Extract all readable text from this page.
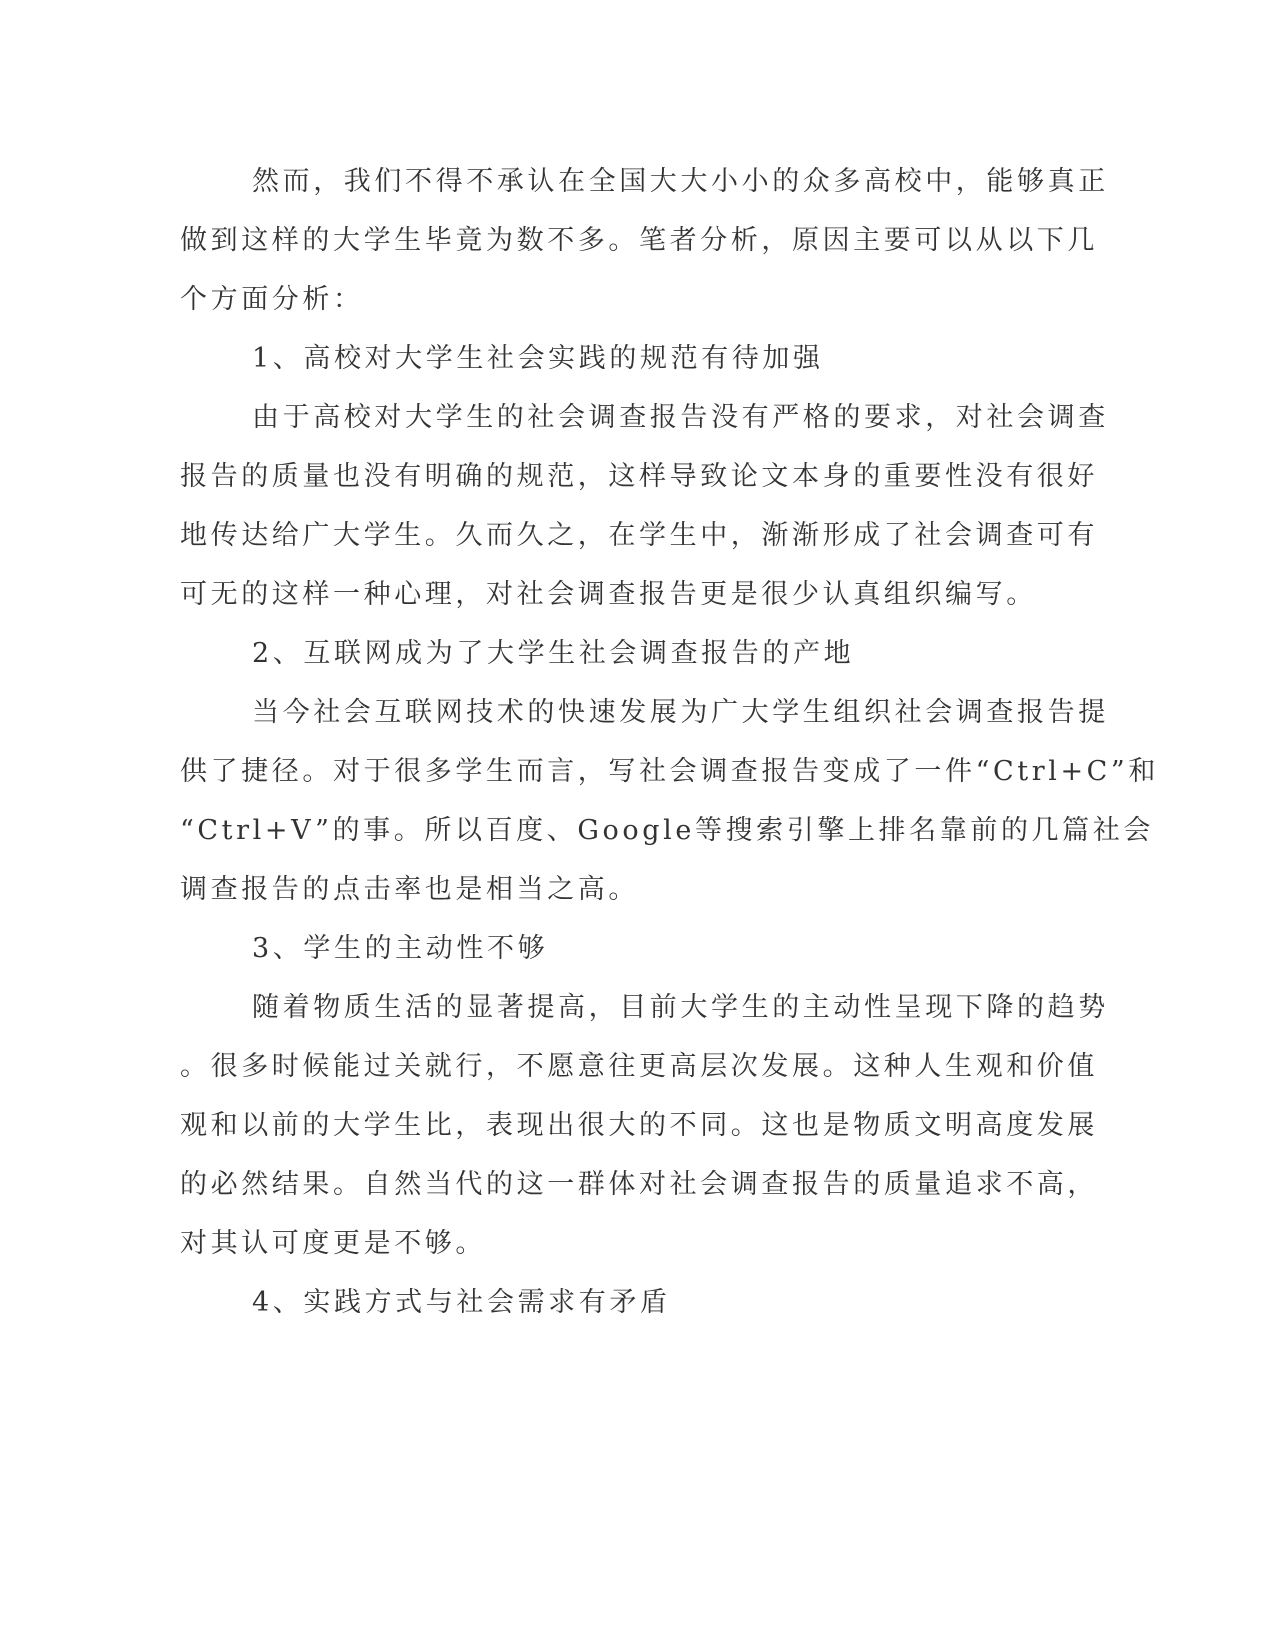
然而，我们不得不承认在全国大大小小的众多高校中，能够真正
做到这样的大学生毕竟为数不多。笔者分析，原因主要可以从以下几
个方面分析：
1、高校对大学生社会实践的规范有待加强
由于高校对大学生的社会调查报告没有严格的要求，对社会调查
报告的质量也没有明确的规范，这样导致论文本身的重要性没有很好
地传达给广大学生。久而久之，在学生中，渐渐形成了社会调查可有
可无的这样一种心理，对社会调查报告更是很少认真组织编写。
2、互联网成为了大学生社会调查报告的产地
当今社会互联网技术的快速发展为广大学生组织社会调查报告提
供了捷径。对于很多学生而言，写社会调查报告变成了一件“Ctrl+C”和
“Ctrl+V”的事。所以百度、Google等搜索引擎上排名靠前的几篇社会
调查报告的点击率也是相当之高。
3、学生的主动性不够
随着物质生活的显著提高，目前大学生的主动性呈现下降的趋势
。很多时候能过关就行，不愿意往更高层次发展。这种人生观和价值
观和以前的大学生比，表现出很大的不同。这也是物质文明高度发展
的必然结果。自然当代的这一群体对社会调查报告的质量追求不高，
对其认可度更是不够。
4、实践方式与社会需求有矛盾
